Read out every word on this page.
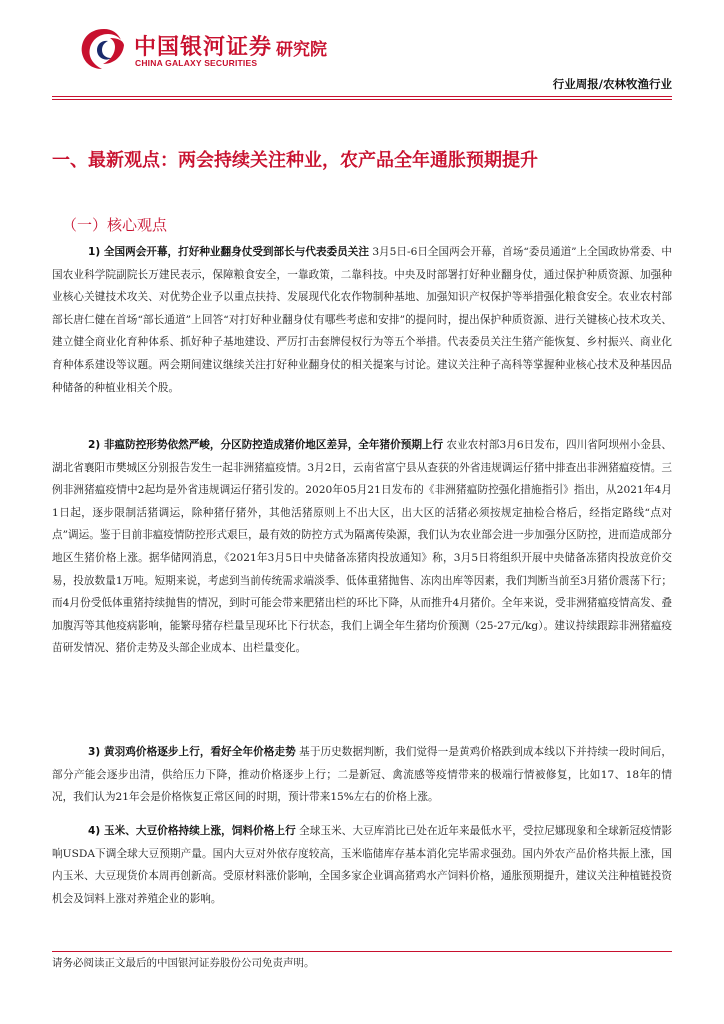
中国银河证券
CHINA GALAXY SECURITIES
研究院
行业周报/农林牧渔行业
一、最新观点：两会持续关注种业，农产品全年通胀预期提升
（一）核心观点
1) 全国两会开幕，打好种业翻身仗受到部长与代表委员关注 3月5日-6日全国两会开幕，首场“委员通道”上全国政协常委、中国农业科学院副院长万建民表示，保障粮食安全，一靠政策，二靠科技。中央及时部署打好种业翻身仗，通过保护种质资源、加强种业核心关键技术攻关、对优势企业予以重点扶持、发展现代化农作物制种基地、加强知识产权保护等举措强化粮食安全。农业农村部部长唐仁健在首场“部长通道”上回答“对打好种业翻身仗有哪些考虑和安排”的提问时，提出保护种质资源、进行关键核心技术攻关、建立健全商业化育种体系、抓好种子基地建设、严厉打击套牌侵权行为等五个举措。代表委员关注生猪产能恢复、乡村振兴、商业化育种体系建设等议题。两会期间建议继续关注打好种业翻身仗的相关提案与讨论。建议关注种子高科等掌握种业核心技术及种基因品种储备的种植业相关个股。
2) 非瘟防控形势依然严峻，分区防控造成猪价地区差异，全年猪价预期上行 农业农村部3月6日发布，四川省阿坝州小金县、湖北省襄阳市樊城区分别报告发生一起非洲猪瘟疫情。3月2日，云南省富宁县从查获的外省违规调运仔猪中排查出非洲猪瘟疫情。三例非洲猪瘟疫情中2起均是外省违规调运仔猪引发的。2020年05月21日发布的《非洲猪瘟防控强化措施指引》指出，从2021年4月1日起，逐步限制活猪调运，除种猪仔猪外，其他活猪原则上不出大区，出大区的活猪必须按规定抽检合格后，经指定路线“点对点”调运。鉴于目前非瘟疫情防控形式艰巨，最有效的防控方式为隔离传染源，我们认为农业部会进一步加强分区防控，进而造成部分地区生猪价格上涨。据华储网消息，《2021年3月5日中央储备冻猪肉投放通知》称，3月5日将组织开展中央储备冻猪肉投放竞价交易，投放数量1万吨。短期来说，考虑到当前传统需求端淡季、低体重猪抛售、冻肉出库等因素，我们判断当前至3月猪价震荡下行；而4月份受低体重猪持续抛售的情况，到时可能会带来肥猪出栏的环比下降，从而推升4月猪价。全年来说，受非洲猪瘟疫情高发、叠加腹泻等其他疫病影响，能繁母猪存栏量呈现环比下行状态，我们上调全年生猪均价预测（25-27元/kg）。建议持续跟踪非洲猪瘟疫苗研发情况、猪价走势及头部企业成本、出栏量变化。
3) 黄羽鸡价格逐步上行，看好全年价格走势 基于历史数据判断，我们觉得一是黄鸡价格跌到成本线以下并持续一段时间后，部分产能会逐步出清，供给压力下降，推动价格逐步上行；二是新冠、禽流感等疫情带来的极端行情被修复，比如17、18年的情况，我们认为21年会是价格恢复正常区间的时期，预计带来15%左右的价格上涨。
4) 玉米、大豆价格持续上涨，饲料价格上行 全球玉米、大豆库消比已处在近年来最低水平，受拉尼娜现象和全球新冠疫情影响USDA下调全球大豆预期产量。国内大豆对外依存度较高，玉米临储库存基本消化完毕需求强劲。国内外农产品价格共振上涨，国内玉米、大豆现货价本周再创新高。受原材料涨价影响，全国多家企业调高猪鸡水产饲料价格，通胀预期提升，建议关注种植链投资机会及饲料上涨对养殖企业的影响。
请务必阅读正文最后的中国银河证券股份公司免责声明。
